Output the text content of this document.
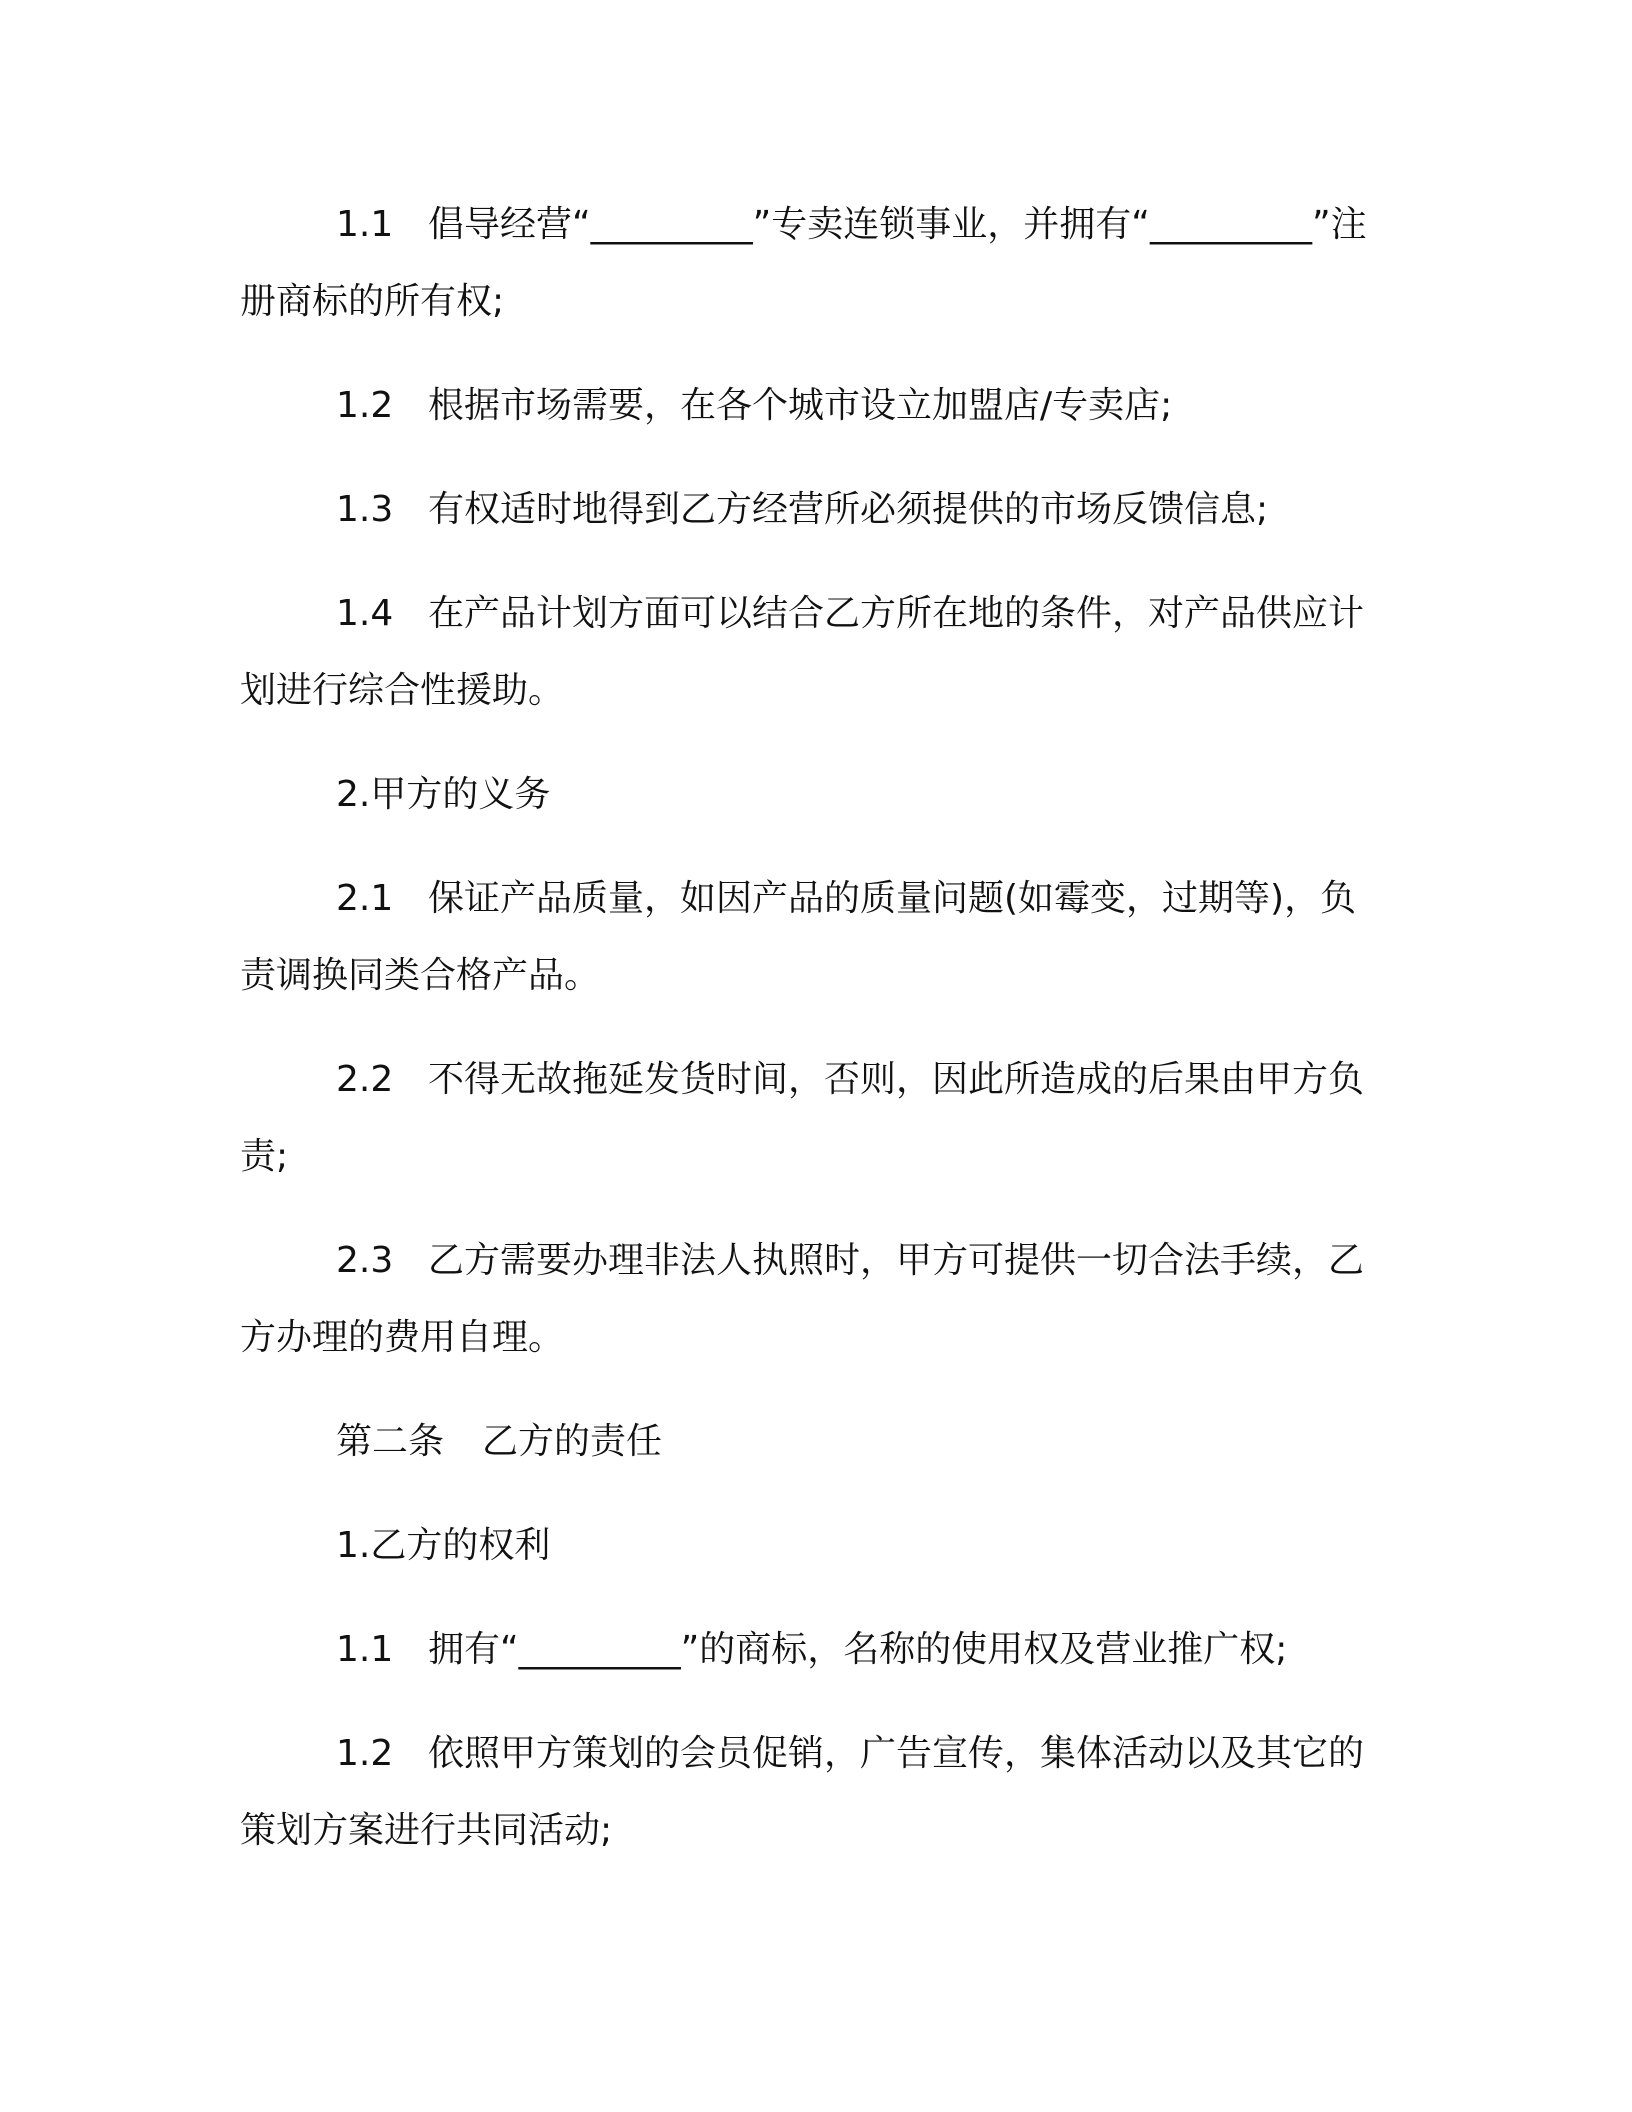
1.1 倡导经营“_________”专卖连锁事业，并拥有“_________”注册商标的所有权;

1.2 根据市场需要，在各个城市设立加盟店/专卖店;

1.3 有权适时地得到乙方经营所必须提供的市场反馈信息;

1.4 在产品计划方面可以结合乙方所在地的条件，对产品供应计划进行综合性援助。

2.甲方的义务

2.1 保证产品质量，如因产品的质量问题(如霉变，过期等)，负责调换同类合格产品。

2.2 不得无故拖延发货时间，否则，因此所造成的后果由甲方负责;

2.3 乙方需要办理非法人执照时，甲方可提供一切合法手续，乙方办理的费用自理。

第二条 乙方的责任

1.乙方的权利

1.1 拥有“_________”的商标，名称的使用权及营业推广权;

1.2 依照甲方策划的会员促销，广告宣传，集体活动以及其它的策划方案进行共同活动;
